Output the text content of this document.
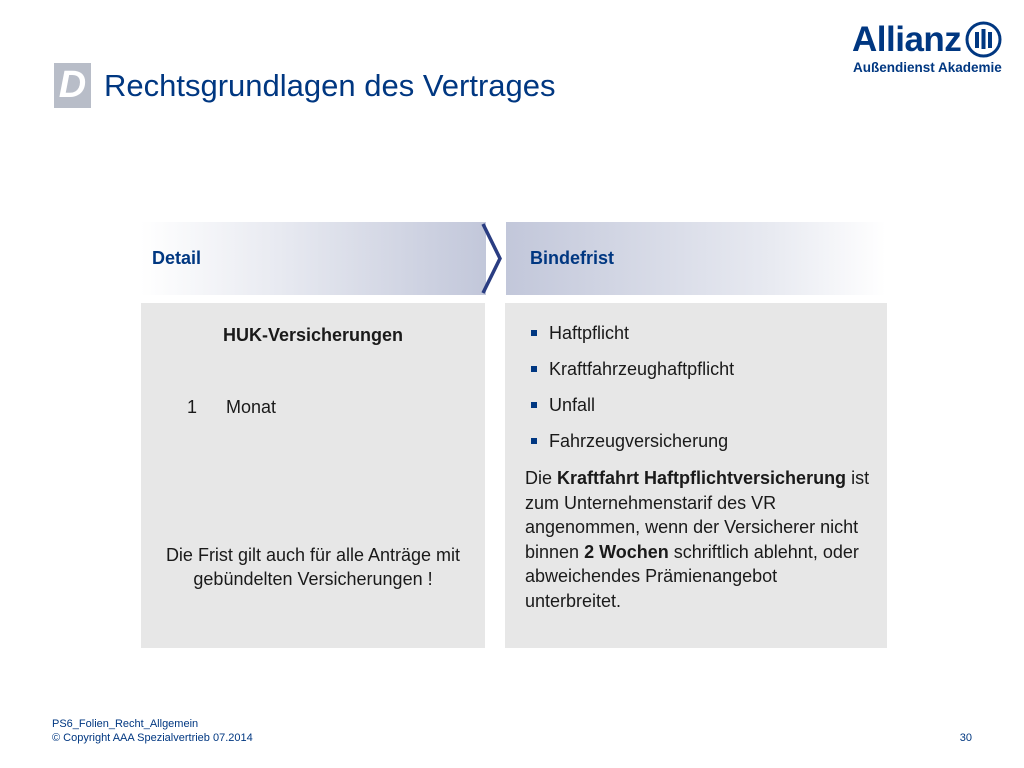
D Rechtsgrundlagen des Vertrages
Allianz
Außendienst Akademie
Detail	Bindefrist
HUK-Versicherungen
1 Monat
Die Frist gilt auch für alle Anträge mit gebündelten Versicherungen !
Haftpflicht
Kraftfahrzeughaftpflicht
Unfall
Fahrzeugversicherung
Die Kraftfahrt Haftpflichtversicherung ist zum Unternehmenstarif des VR angenommen, wenn der Versicherer nicht binnen 2 Wochen schriftlich ablehnt, oder abweichendes Prämienangebot unterbreitet.
PS6_Folien_Recht_Allgemein
© Copyright AAA Spezialvertrieb 07.2014	30
